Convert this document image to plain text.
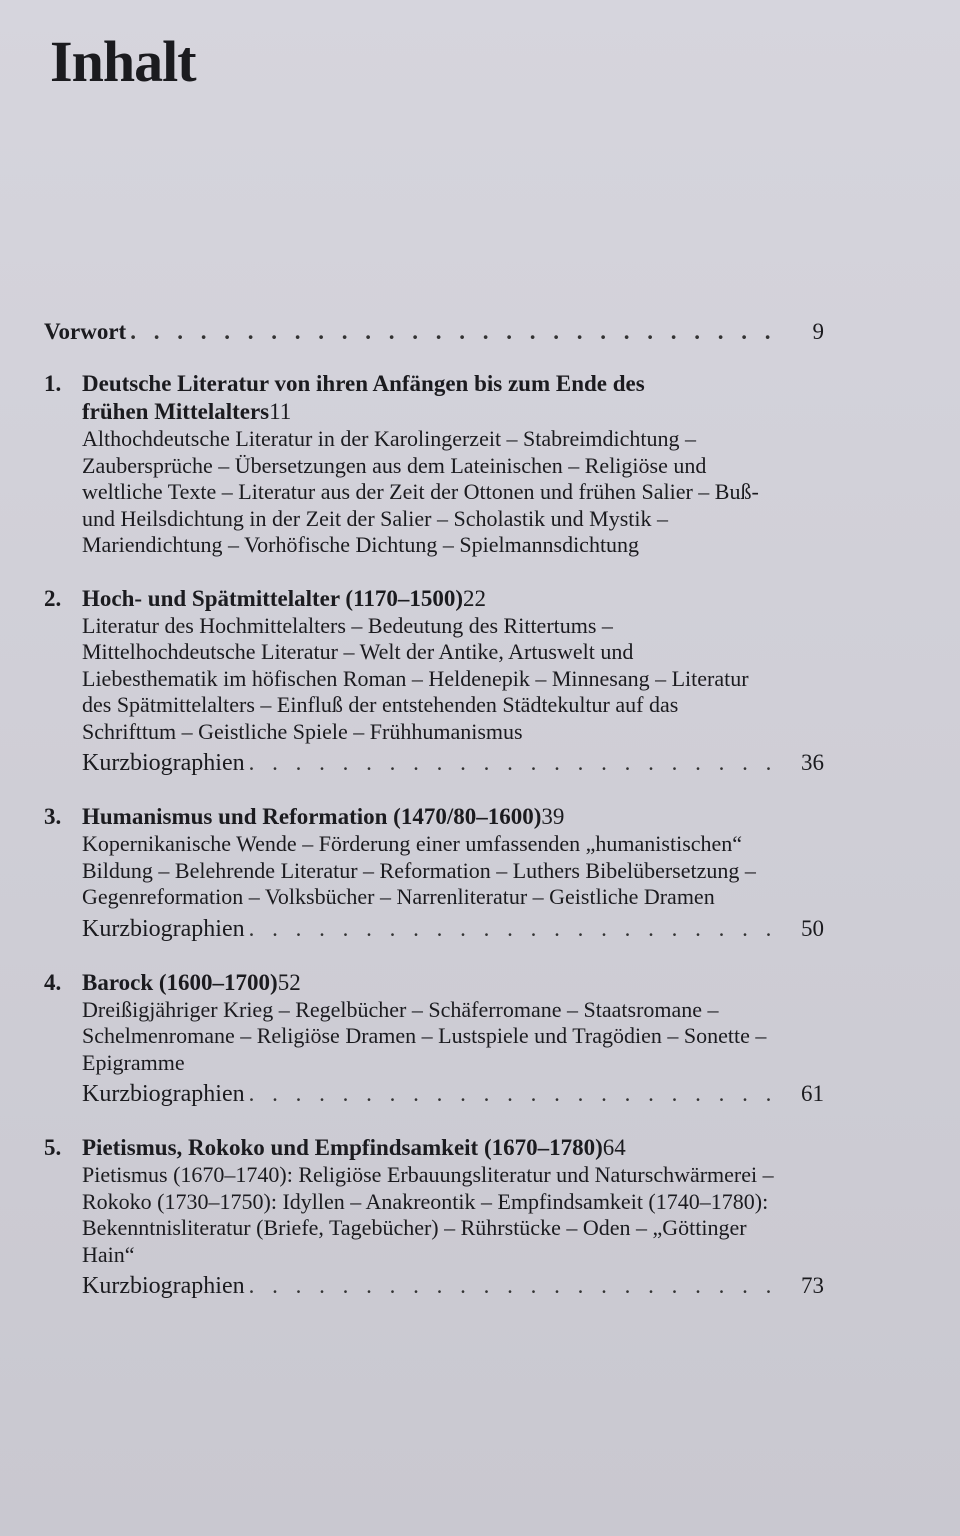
Inhalt
Vorwort . . .	9
1. Deutsche Literatur von ihren Anfängen bis zum Ende des
frühen Mittelalters 11

Althochdeutsche Literatur in der Karolingerzeit – Stabreimdichtung – Zaubersprüche – Übersetzungen aus dem Lateinischen – Religiöse und weltliche Texte – Literatur aus der Zeit der Ottonen und frühen Salier – Buß- und Heilsdichtung in der Zeit der Salier – Scholastik und Mystik – Mariendichtung – Vorhöfische Dichtung – Spielmannsdichtung

2. Hoch- und Spätmittelalter (1170–1500) 22

Literatur des Hochmittelalters – Bedeutung des Rittertums – Mittelhochdeutsche Literatur – Welt der Antike, Artuswelt und Liebesthematik im höfischen Roman – Heldenepik – Minnesang – Literatur des Spätmittelalters – Einfluß der entstehenden Städtekultur auf das Schrifttum – Geistliche Spiele – Frühhumanismus

Kurzbiographien . . .	36
3. Humanismus und Reformation (1470/80–1600) 39

Kopernikanische Wende – Förderung einer umfassenden „humanistischen“ Bildung – Belehrende Literatur – Reformation – Luthers Bibelübersetzung – Gegenreformation – Volksbücher – Narrenliteratur – Geistliche Dramen

Kurzbiographien . . .	50
4. Barock (1600–1700) 52

Dreißigjähriger Krieg – Regelbücher – Schäferromane – Staatsromane – Schelmenromane – Religiöse Dramen – Lustspiele und Tragödien – Sonette – Epigramme

Kurzbiographien . . .	61
5. Pietismus, Rokoko und Empfindsamkeit (1670–1780) 64

Pietismus (1670–1740): Religiöse Erbauungsliteratur und Naturschwärmerei – Rokoko (1730–1750): Idyllen – Anakreontik – Empfindsamkeit (1740–1780): Bekenntnisliteratur (Briefe, Tagebücher) – Rührstücke – Oden – „Göttinger Hain“

Kurzbiographien . . .	73
